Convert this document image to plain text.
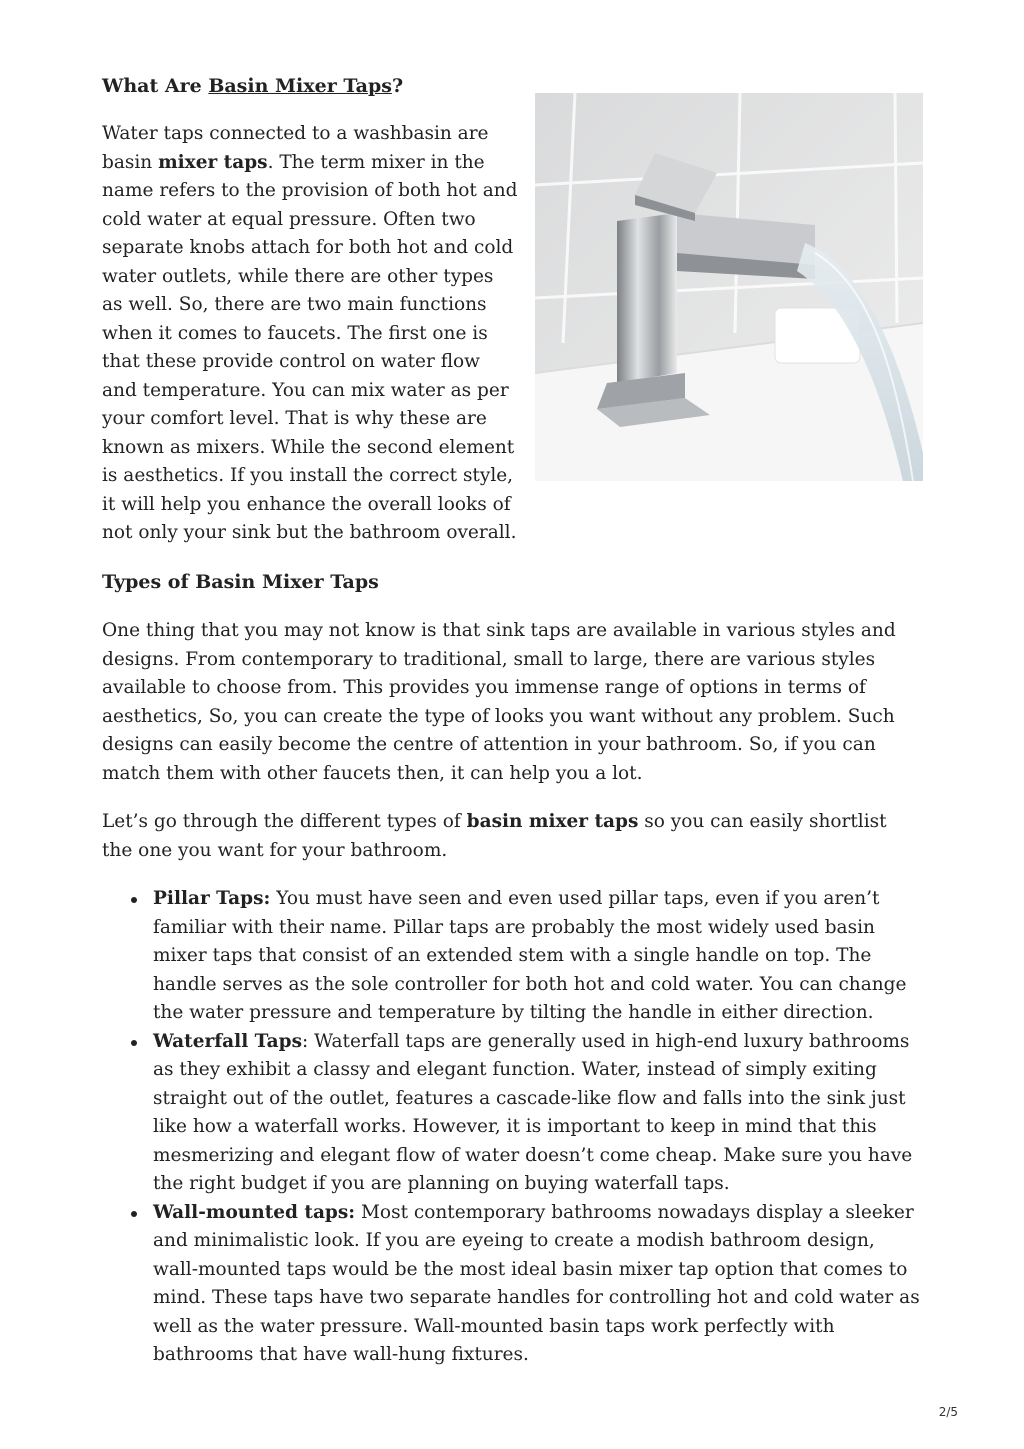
What Are Basin Mixer Taps?

Water taps connected to a washbasin are basin mixer taps. The term mixer in the name refers to the provision of both hot and cold water at equal pressure. Often two separate knobs attach for both hot and cold water outlets, while there are other types as well. So, there are two main functions when it comes to faucets. The first one is that these provide control on water flow and temperature. You can mix water as per your comfort level. That is why these are known as mixers. While the second element is aesthetics. If you install the correct style, it will help you enhance the overall looks of not only your sink but the bathroom overall.

Types of Basin Mixer Taps

One thing that you may not know is that sink taps are available in various styles and designs. From contemporary to traditional, small to large, there are various styles available to choose from. This provides you immense range of options in terms of aesthetics, So, you can create the type of looks you want without any problem. Such designs can easily become the centre of attention in your bathroom. So, if you can match them with other faucets then, it can help you a lot.

Let’s go through the different types of basin mixer taps so you can easily shortlist the one you want for your bathroom.

Pillar Taps: You must have seen and even used pillar taps, even if you aren’t familiar with their name. Pillar taps are probably the most widely used basin mixer taps that consist of an extended stem with a single handle on top. The handle serves as the sole controller for both hot and cold water. You can change the water pressure and temperature by tilting the handle in either direction.
Waterfall Taps: Waterfall taps are generally used in high-end luxury bathrooms as they exhibit a classy and elegant function. Water, instead of simply exiting straight out of the outlet, features a cascade-like flow and falls into the sink just like how a waterfall works. However, it is important to keep in mind that this mesmerizing and elegant flow of water doesn’t come cheap. Make sure you have the right budget if you are planning on buying waterfall taps.
Wall-mounted taps: Most contemporary bathrooms nowadays display a sleeker and minimalistic look. If you are eyeing to create a modish bathroom design, wall-mounted taps would be the most ideal basin mixer tap option that comes to mind. These taps have two separate handles for controlling hot and cold water as well as the water pressure. Wall-mounted basin taps work perfectly with bathrooms that have wall-hung fixtures.
2/5
